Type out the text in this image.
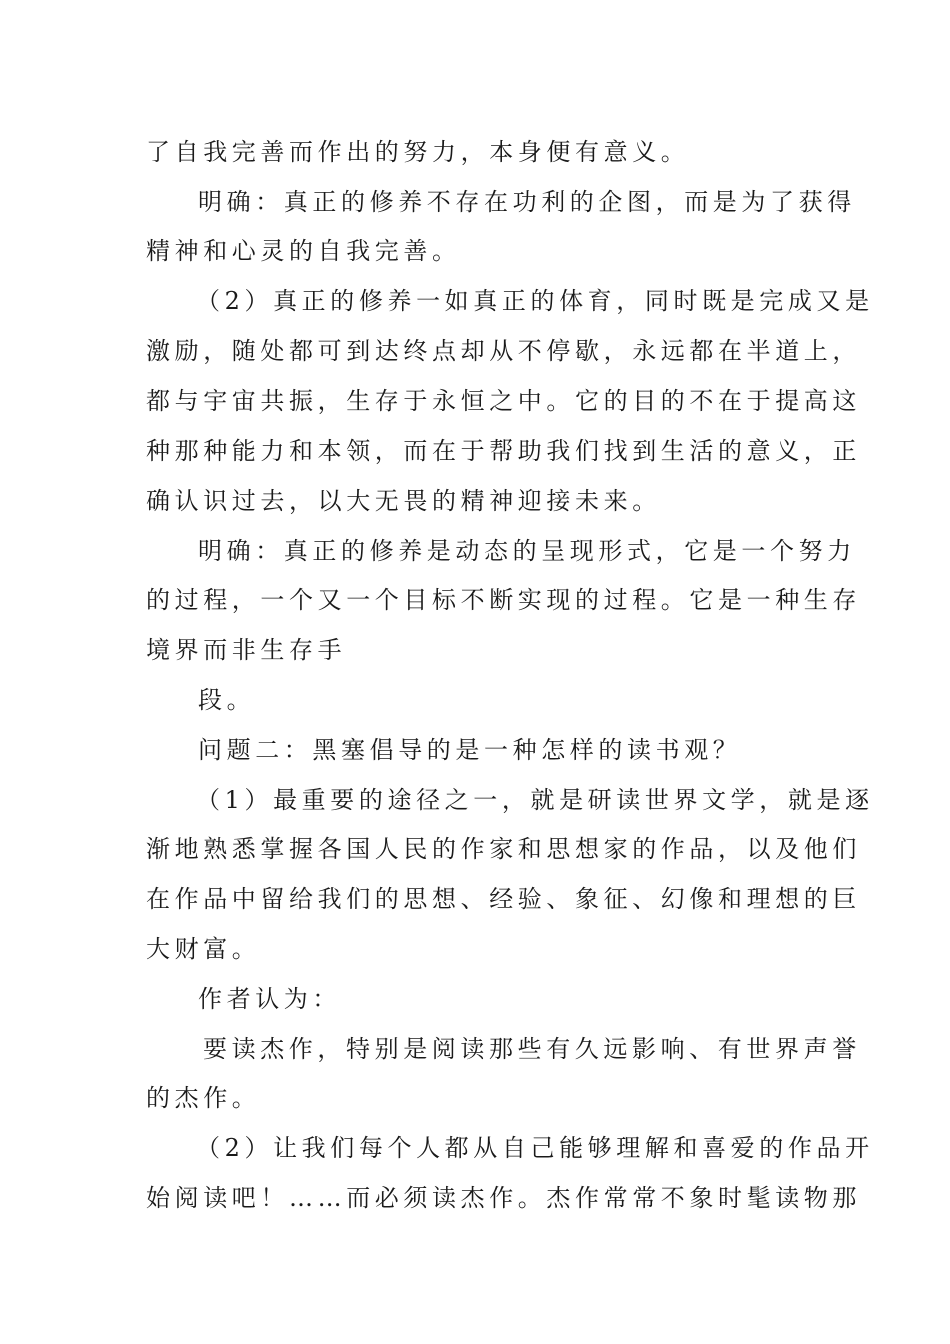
了自我完善而作出的努力，本身便有意义。
明确：真正的修养不存在功利的企图，而是为了获得
精神和心灵的自我完善。
（2）真正的修养一如真正的体育，同时既是完成又是
激励，随处都可到达终点却从不停歇，永远都在半道上，
都与宇宙共振，生存于永恒之中。它的目的不在于提高这
种那种能力和本领，而在于帮助我们找到生活的意义，正
确认识过去，以大无畏的精神迎接未来。
明确：真正的修养是动态的呈现形式，它是一个努力
的过程，一个又一个目标不断实现的过程。它是一种生存
境界而非生存手
段。
问题二：黑塞倡导的是一种怎样的读书观？
（1）最重要的途径之一，就是研读世界文学，就是逐
渐地熟悉掌握各国人民的作家和思想家的作品，以及他们
在作品中留给我们的思想、经验、象征、幻像和理想的巨
大财富。
作者认为：
要读杰作，特别是阅读那些有久远影响、有世界声誉
的杰作。
（2）让我们每个人都从自己能够理解和喜爱的作品开
始阅读吧！……而必须读杰作。杰作常常不象时髦读物那
